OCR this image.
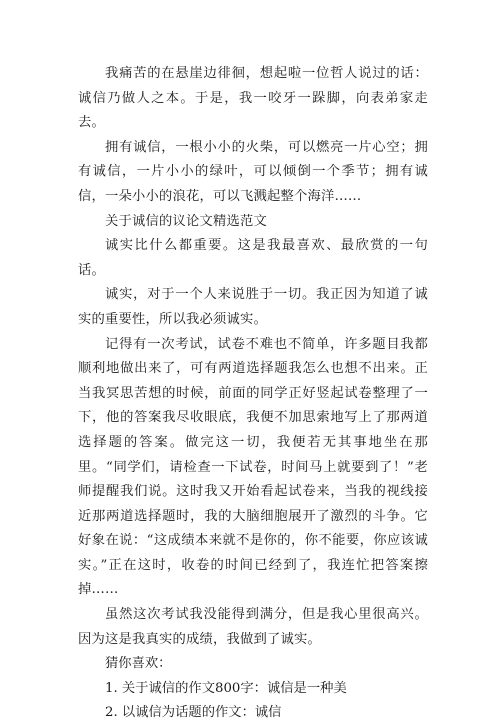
我痛苦的在悬崖边徘徊，想起啦一位哲人说过的话：诚信乃做人之本。于是，我一咬牙一跺脚，向表弟家走去。

拥有诚信，一根小小的火柴，可以燃亮一片心空；拥有诚信，一片小小的绿叶，可以倾倒一个季节；拥有诚信，一朵小小的浪花，可以飞溅起整个海洋……

关于诚信的议论文精选范文

诚实比什么都重要。这是我最喜欢、最欣赏的一句话。

诚实，对于一个人来说胜于一切。我正因为知道了诚实的重要性，所以我必须诚实。

记得有一次考试，试卷不难也不简单，许多题目我都顺利地做出来了，可有两道选择题我怎么也想不出来。正当我冥思苦想的时候，前面的同学正好竖起试卷整理了一下，他的答案我尽收眼底，我便不加思索地写上了那两道选择题的答案。做完这一切，我便若无其事地坐在那里。“同学们，请检查一下试卷，时间马上就要到了！”老师提醒我们说。这时我又开始看起试卷来，当我的视线接近那两道选择题时，我的大脑细胞展开了激烈的斗争。它好象在说：“这成绩本来就不是你的，你不能要，你应该诚实。”正在这时，收卷的时间已经到了，我连忙把答案擦掉……

虽然这次考试我没能得到满分，但是我心里很高兴。因为这是我真实的成绩，我做到了诚实。

猜你喜欢：

1. 关于诚信的作文800字：诚信是一种美

2. 以诚信为话题的作文：诚信
